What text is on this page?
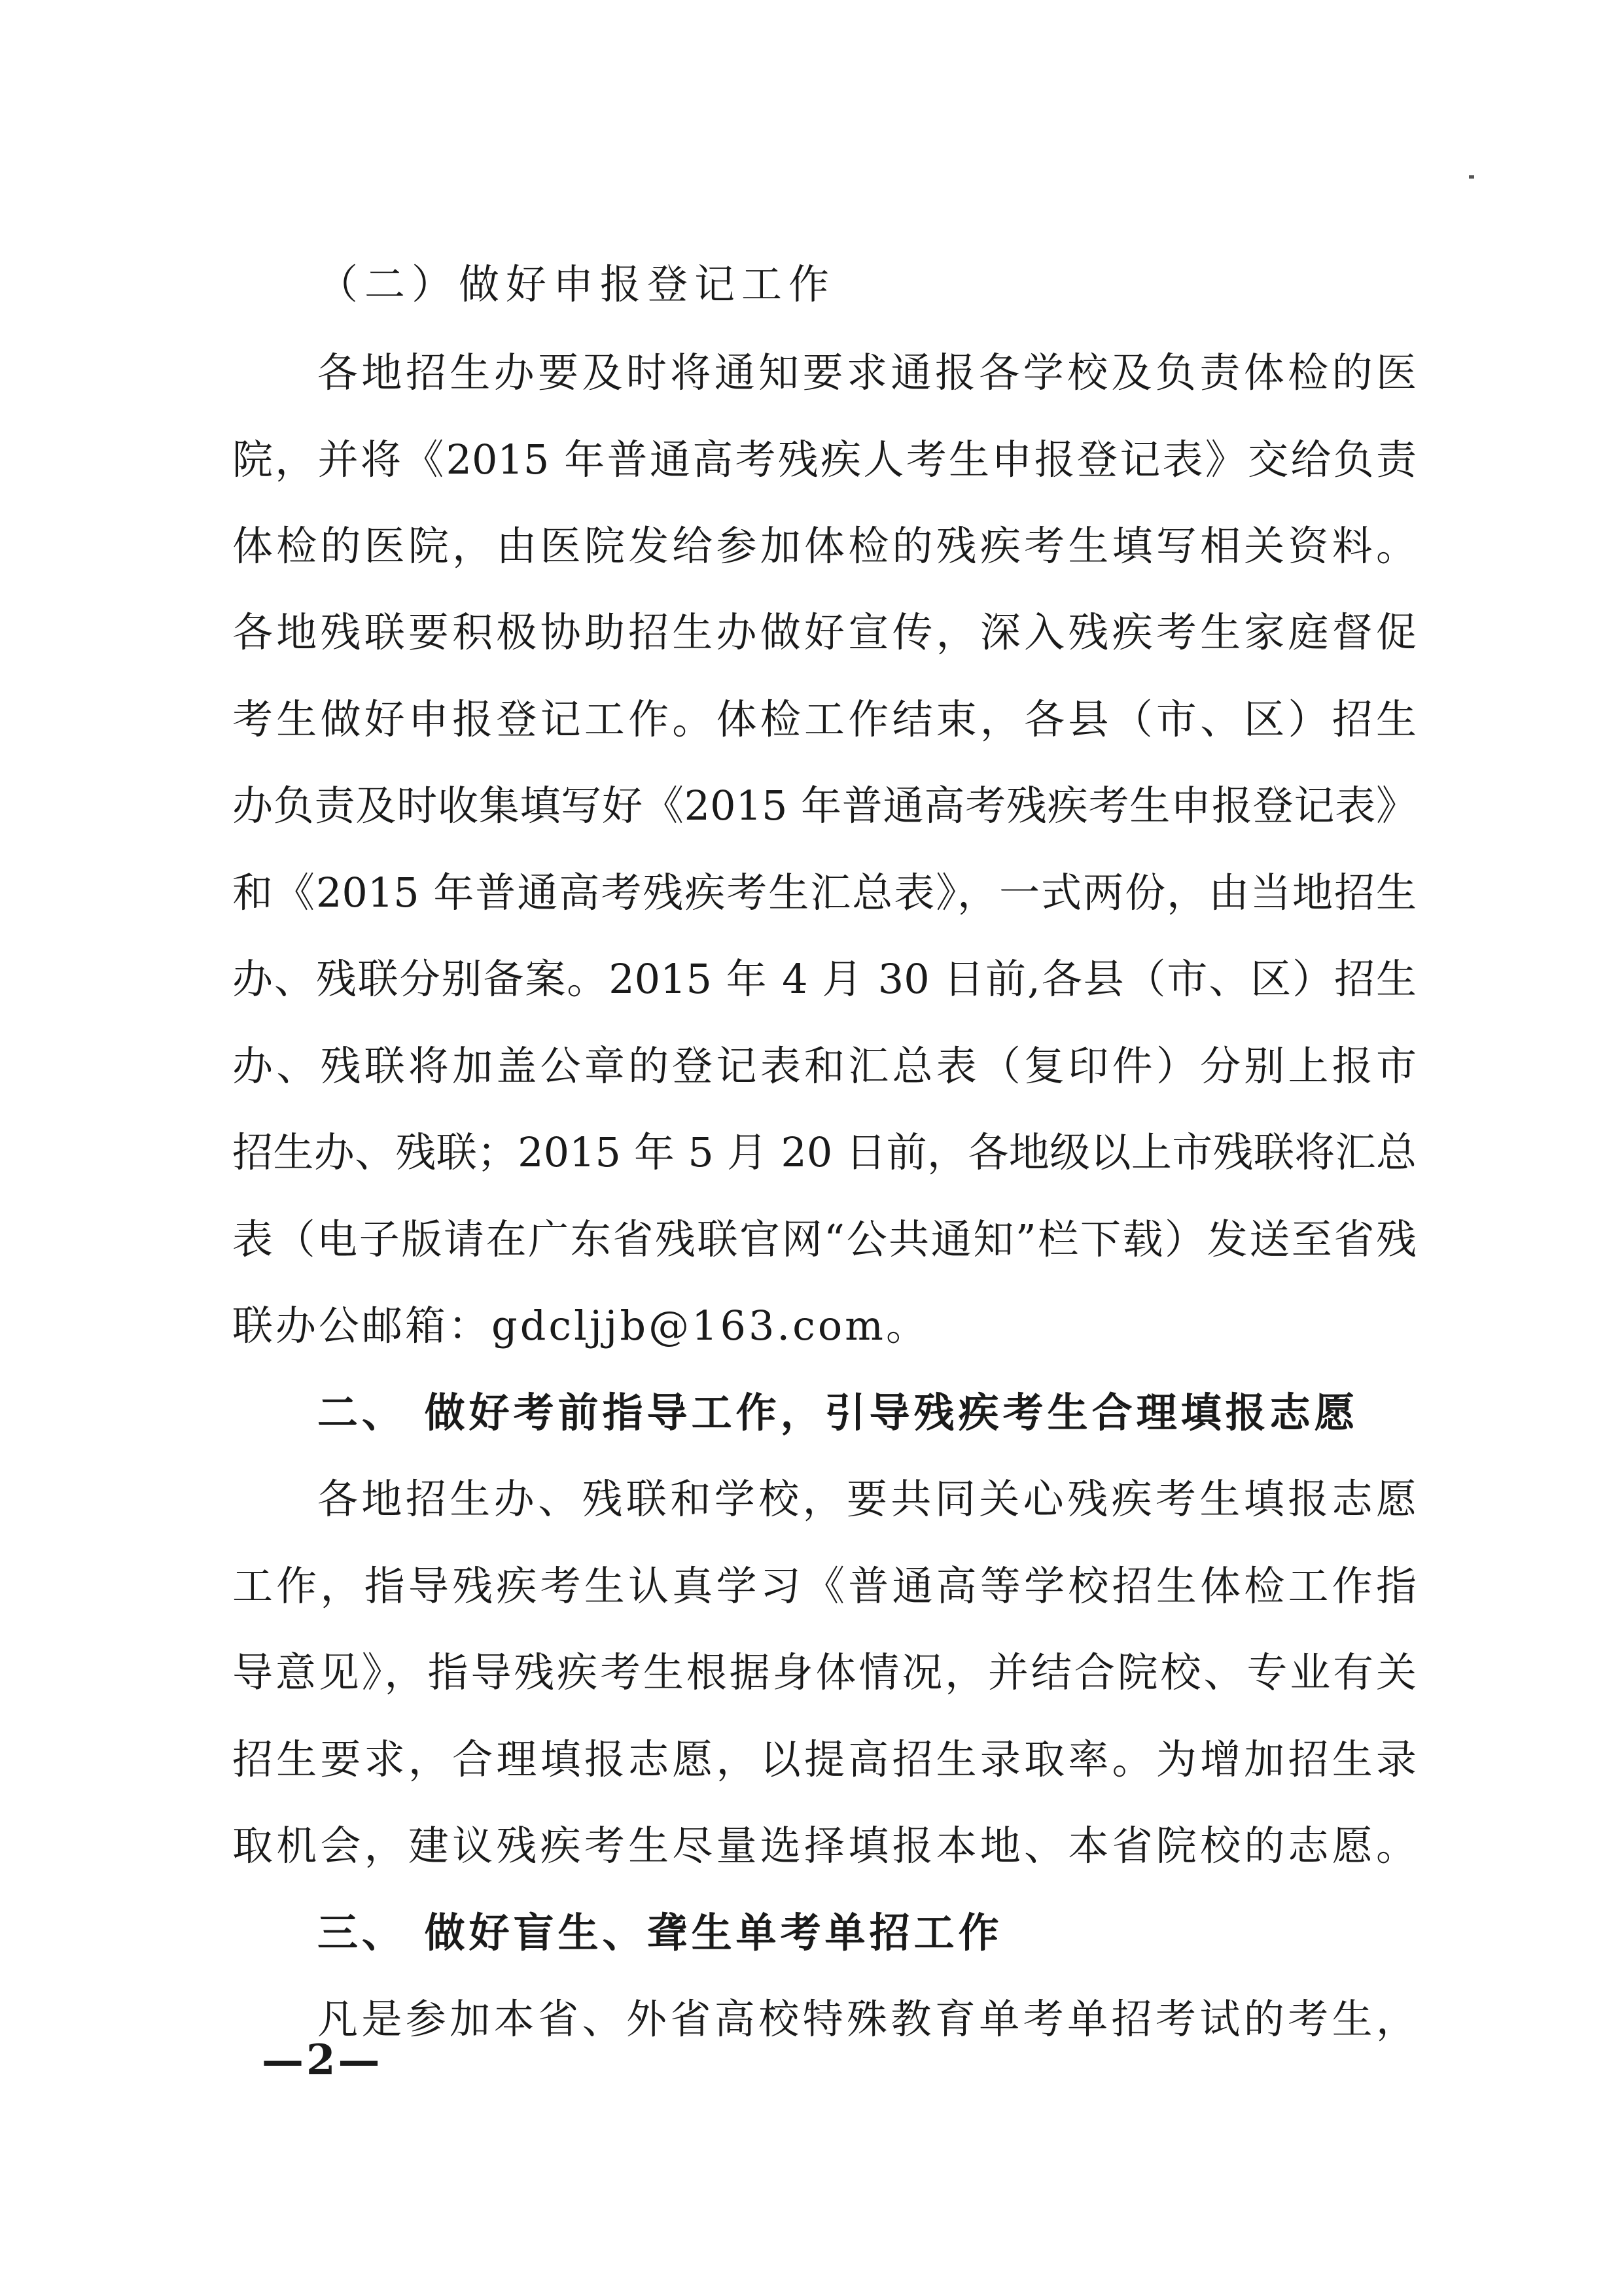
（二）做好申报登记工作
各地招生办要及时将通知要求通报各学校及负责体检的医
院，并将《2015 年普通高考残疾人考生申报登记表》交给负责
体检的医院，由医院发给参加体检的残疾考生填写相关资料。
各地残联要积极协助招生办做好宣传，深入残疾考生家庭督促
考生做好申报登记工作。体检工作结束，各县（市、区）招生
办负责及时收集填写好《2015 年普通高考残疾考生申报登记表》
和《2015 年普通高考残疾考生汇总表》，一式两份，由当地招生
办、残联分别备案。2015 年 4 月 30 日前,各县（市、区）招生
办、残联将加盖公章的登记表和汇总表（复印件）分别上报市
招生办、残联；2015 年 5 月 20 日前，各地级以上市残联将汇总
表（电子版请在广东省残联官网“公共通知”栏下载）发送至省残
联办公邮箱：gdcljjb@163.com。
二、 做好考前指导工作，引导残疾考生合理填报志愿
各地招生办、残联和学校，要共同关心残疾考生填报志愿
工作，指导残疾考生认真学习《普通高等学校招生体检工作指
导意见》，指导残疾考生根据身体情况，并结合院校、专业有关
招生要求，合理填报志愿，以提高招生录取率。为增加招生录
取机会，建议残疾考生尽量选择填报本地、本省院校的志愿。
三、 做好盲生、聋生单考单招工作
凡是参加本省、外省高校特殊教育单考单招考试的考生，
—2—
